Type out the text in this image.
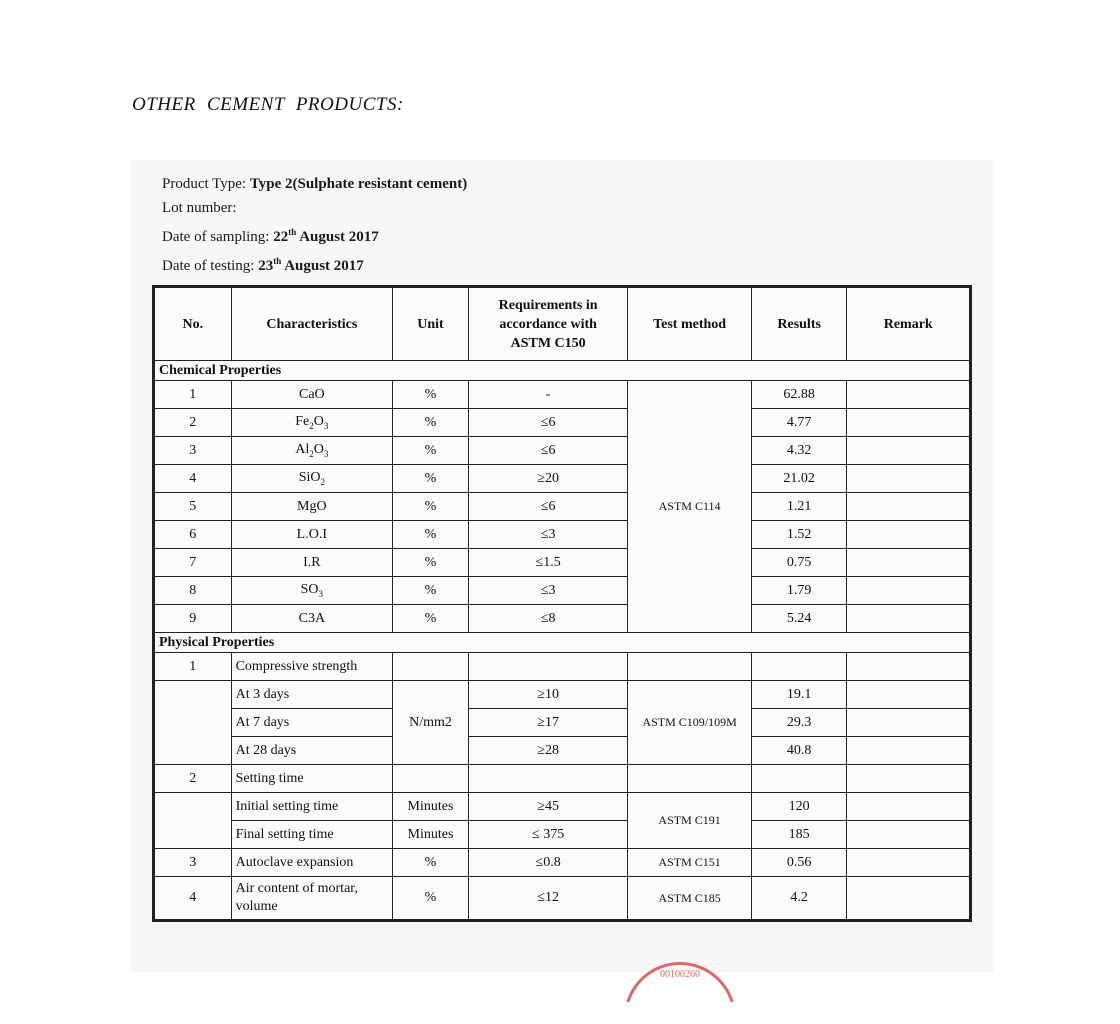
OTHER CEMENT PRODUCTS:
Product Type: Type 2(Sulphate resistant cement)
Lot number:
Date of sampling: 22th August 2017
Date of testing: 23th August 2017
No.	Characteristics	Unit	Requirements in
accordance with
ASTM C150	Test method	Results	Remark
Chemical Properties						
1	CaO	%	-	ASTM C114	62.88	
2	$Fe_2O_3$	%	≤6		4.77	
3	$Al_2O_3$	%	≤6		4.32	
4	SiO$_2$	%	≥20		21.02	
5	MgO	%	≤6		1.21	
6	L.O.I	%	≤3		1.52	
7	I.R	%	≤1.5		0.75	
8	$SO_3$	%	≤3		1.79	
9	C3A	%	≤8		5.24	
Physical Properties						
1	Compressive strength					
	At 3 days	N/mm2	≥10	ASTM C109/109M	19.1	
	At 7 days		≥17		29.3	
	At 28 days		≥28		40.8	
2	Setting time					
	Initial setting time	Minutes	≥45	ASTM C191	120	
	Final setting time	Minutes	≤ 375		185	
3	Autoclave expansion	%	≤0.8	ASTM C151	0.56	
4	Air content of mortar, volume	%	≤12	ASTM C185	4.2	
00100260
